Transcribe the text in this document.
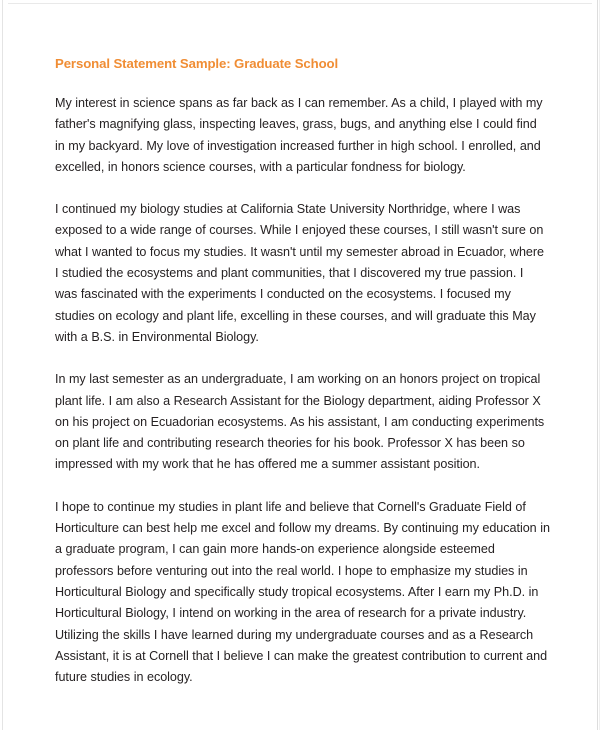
Personal Statement Sample: Graduate School

My interest in science spans as far back as I can remember. As a child, I played with my father's magnifying glass, inspecting leaves, grass, bugs, and anything else I could find in my backyard. My love of investigation increased further in high school. I enrolled, and excelled, in honors science courses, with a particular fondness for biology.

I continued my biology studies at California State University Northridge, where I was exposed to a wide range of courses. While I enjoyed these courses, I still wasn't sure on what I wanted to focus my studies. It wasn't until my semester abroad in Ecuador, where I studied the ecosystems and plant communities, that I discovered my true passion. I was fascinated with the experiments I conducted on the ecosystems. I focused my studies on ecology and plant life, excelling in these courses, and will graduate this May with a B.S. in Environmental Biology.

In my last semester as an undergraduate, I am working on an honors project on tropical plant life. I am also a Research Assistant for the Biology department, aiding Professor X on his project on Ecuadorian ecosystems. As his assistant, I am conducting experiments on plant life and contributing research theories for his book. Professor X has been so impressed with my work that he has offered me a summer assistant position.

I hope to continue my studies in plant life and believe that Cornell's Graduate Field of Horticulture can best help me excel and follow my dreams. By continuing my education in a graduate program, I can gain more hands-on experience alongside esteemed professors before venturing out into the real world. I hope to emphasize my studies in Horticultural Biology and specifically study tropical ecosystems. After I earn my Ph.D. in Horticultural Biology, I intend on working in the area of research for a private industry. Utilizing the skills I have learned during my undergraduate courses and as a Research Assistant, it is at Cornell that I believe I can make the greatest contribution to current and future studies in ecology.
